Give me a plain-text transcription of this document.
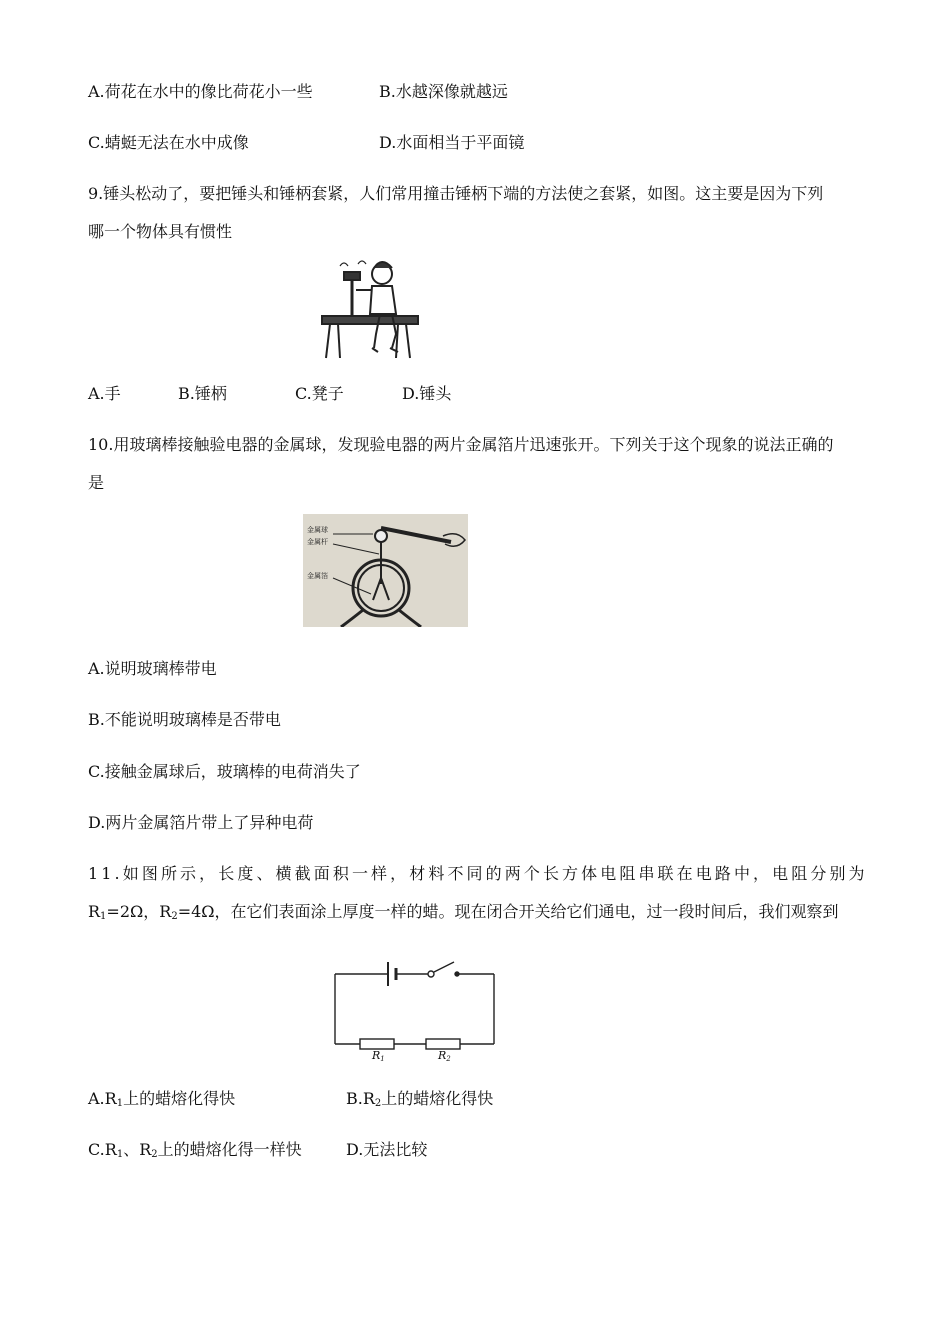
A.荷花在水中的像比荷花小一些	B.水越深像就越远
C.蜻蜓无法在水中成像	D.水面相当于平面镜
9.锤头松动了，要把锤头和锤柄套紧，人们常用撞击锤柄下端的方法使之套紧，如图。这主要是因为下列
哪一个物体具有惯性
A.手	B.锤柄	C.凳子	D.锤头
10.用玻璃棒接触验电器的金属球，发现验电器的两片金属箔片迅速张开。下列关于这个现象的说法正确的
是
金属球
金属杆
金属箔
A.说明玻璃棒带电
B.不能说明玻璃棒是否带电
C.接触金属球后，玻璃棒的电荷消失了
D.两片金属箔片带上了异种电荷
11.如图所示，长度、横截面积一样，材料不同的两个长方体电阻串联在电路中，电阻分别为
$R_1=2\Omega$，$R_2=4\Omega$，在它们表面涂上厚度一样的蜡。现在闭合开关给它们通电，过一段时间后，我们观察到
$R_1$	$R_2$
$A.R_1$上的蜡熔化得快	$B.R_2$上的蜡熔化得快
$C.R_1$、$R_2$上的蜡熔化得一样快	D.无法比较
